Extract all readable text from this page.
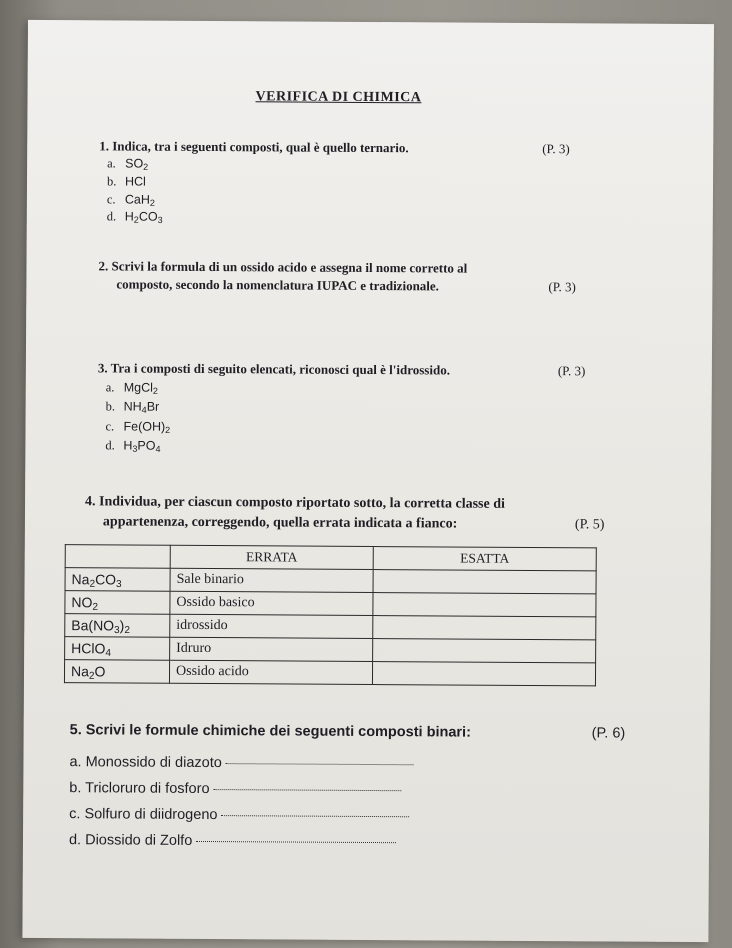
VERIFICA DI CHIMICA
1. Indica, tra i seguenti composti, qual è quello ternario.	(P. 3)
a. $SO_2$
b. HCl
c. CaH$_2$
d. $H_2CO_3$
2. Scrivi la formula di un ossido acido e assegna il nome corretto al
composto, secondo la nomenclatura IUPAC e tradizionale.	(P. 3)
3. Tra i composti di seguito elencati, riconosci qual è l'idrossido.	(P. 3)
a. MgCl$_2$
b. $NH_4Br$
c. $Fe(OH)_2$
d. $H_3PO_4$
4. Individua, per ciascun composto riportato sotto, la corretta classe di
appartenenza, correggendo, quella errata indicata a fianco:	(P. 5)
	ERRATA	ESATTA
$Na_2CO_3$	Sale binario	
$NO_2$	Ossido basico	
$Ba(NO_3)_2$	idrossido	
HClO$_4$	Idruro	
$Na_2O$	Ossido acido	
5. Scrivi le formule chimiche dei seguenti composti binari:	(P. 6)
a. Monossido di diazoto
b. Tricloruro di fosforo
c. Solfuro di diidrogeno
d. Diossido di Zolfo
